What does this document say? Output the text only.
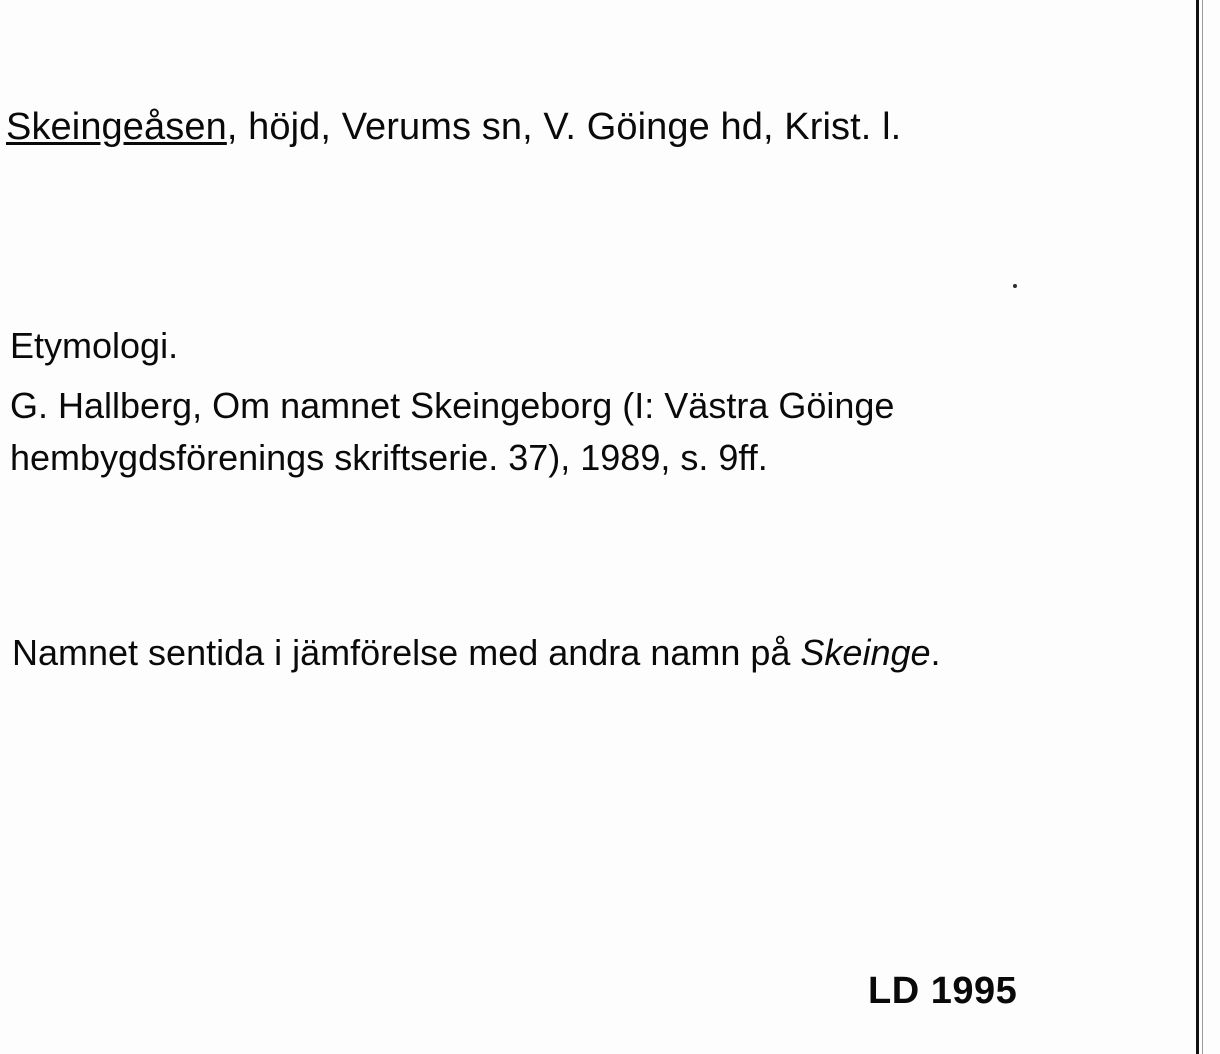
Skeingeåsen, höjd, Verums sn, V. Göinge hd, Krist. l.
Etymologi.
G. Hallberg, Om namnet Skeingeborg (I: Västra Göinge
hembygdsförenings skriftserie. 37), 1989, s. 9ff.
Namnet sentida i jämförelse med andra namn på Skeinge.
LD 1995
